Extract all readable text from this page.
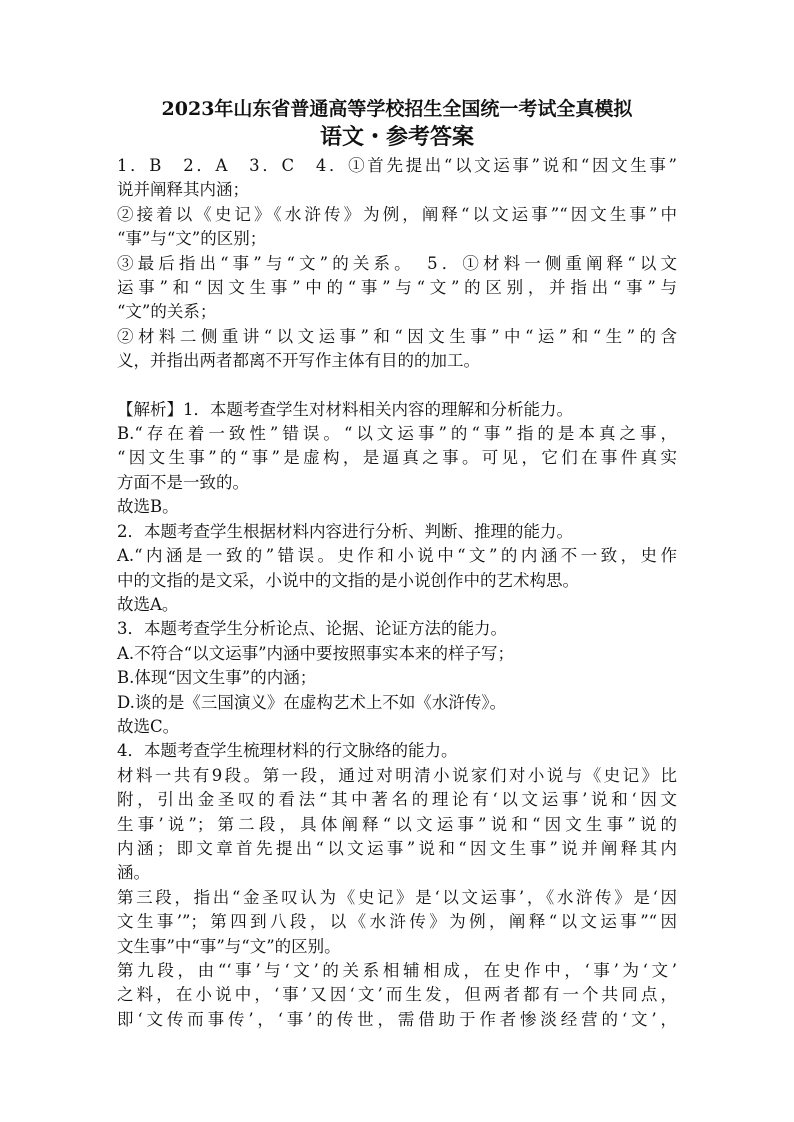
2023年山东省普通高等学校招生全国统一考试全真模拟
语文・参考答案

1．B　2．A　3．C　4．①首先提出“以文运事”说和“因文生事”

说并阐释其内涵；

②接着以《史记》《水浒传》为例，阐释“以文运事”“因文生事”中

“事”与“文”的区别；

③最后指出“事”与“文”的关系。　5．①材料一侧重阐释“以文

运事”和“因文生事”中的“事”与“文”的区别，并指出“事”与

“文”的关系；

②材料二侧重讲“以文运事”和“因文生事”中“运”和“生”的含

义，并指出两者都离不开写作主体有目的的加工。

【解析】1．本题考查学生对材料相关内容的理解和分析能力。

B.“存在着一致性”错误。“以文运事”的“事”指的是本真之事，

“因文生事”的“事”是虚构，是逼真之事。可见，它们在事件真实

方面不是一致的。

故选B。

2．本题考查学生根据材料内容进行分析、判断、推理的能力。

A.“内涵是一致的”错误。史作和小说中“文”的内涵不一致，史作

中的文指的是文采，小说中的文指的是小说创作中的艺术构思。

故选A。

3．本题考查学生分析论点、论据、论证方法的能力。

A.不符合“以文运事”内涵中要按照事实本来的样子写；

B.体现“因文生事”的内涵；

D.谈的是《三国演义》在虚构艺术上不如《水浒传》。

故选C。

4．本题考查学生梳理材料的行文脉络的能力。

材料一共有9段。第一段，通过对明清小说家们对小说与《史记》比

附，引出金圣叹的看法“其中著名的理论有‘以文运事’说和‘因文

生事’说”；第二段，具体阐释“以文运事”说和“因文生事”说的

内涵；即文章首先提出“以文运事”说和“因文生事”说并阐释其内

涵。

第三段，指出“金圣叹认为《史记》是‘以文运事’，《水浒传》是‘因

文生事’”；第四到八段，以《水浒传》为例，阐释“以文运事”“因

文生事”中“事”与“文”的区别。

第九段，由“‘事’与‘文’的关系相辅相成，在史作中，‘事’为‘文’

之料，在小说中，‘事’又因‘文’而生发，但两者都有一个共同点，

即‘文传而事传’，‘事’的传世，需借助于作者惨淡经营的‘文’，
